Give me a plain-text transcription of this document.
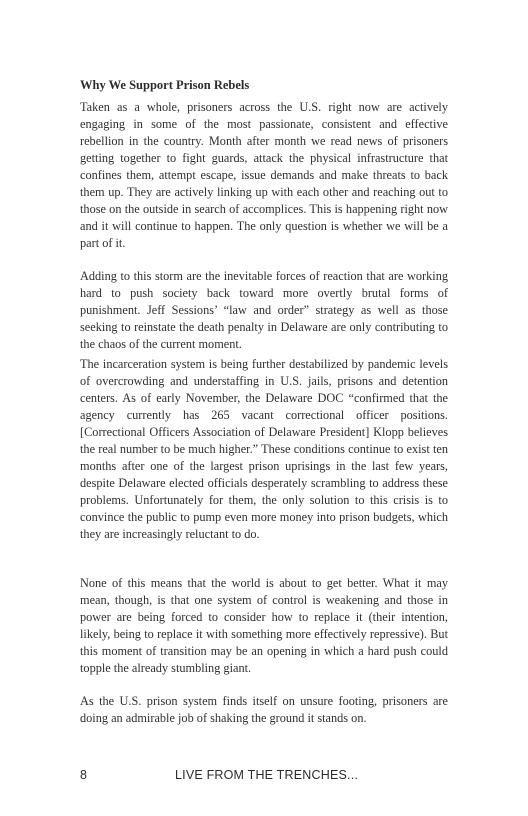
Why We Support Prison Rebels

Taken as a whole, prisoners across the U.S. right now are actively engaging in some of the most passionate, consistent and effective rebellion in the country. Month after month we read news of prisoners getting together to fight guards, attack the physical infrastructure that confines them, attempt escape, issue demands and make threats to back them up. They are actively linking up with each other and reaching out to those on the outside in search of accomplices. This is happening right now and it will continue to happen. The only question is whether we will be a part of it.

Adding to this storm are the inevitable forces of reaction that are working hard to push society back toward more overtly brutal forms of punishment. Jeff Sessions’ “law and order” strategy as well as those seeking to reinstate the death penalty in Delaware are only contributing to the chaos of the current moment.

The incarceration system is being further destabilized by pandemic levels of overcrowding and understaffing in U.S. jails, prisons and detention centers. As of early November, the Delaware DOC “confirmed that the agency currently has 265 vacant correctional officer positions. [Correctional Officers Association of Delaware President] Klopp believes the real number to be much higher.” These conditions continue to exist ten months after one of the largest prison uprisings in the last few years, despite Delaware elected officials desperately scrambling to address these problems. Unfortunately for them, the only solution to this crisis is to convince the public to pump even more money into prison budgets, which they are increasingly reluctant to do.

None of this means that the world is about to get better. What it may mean, though, is that one system of control is weakening and those in power are being forced to consider how to replace it (their intention, likely, being to replace it with something more effectively repressive). But this moment of transition may be an opening in which a hard push could topple the already stumbling giant.

As the U.S. prison system finds itself on unsure footing, prisoners are doing an admirable job of shaking the ground it stands on.

8	LIVE FROM THE TRENCHES...
